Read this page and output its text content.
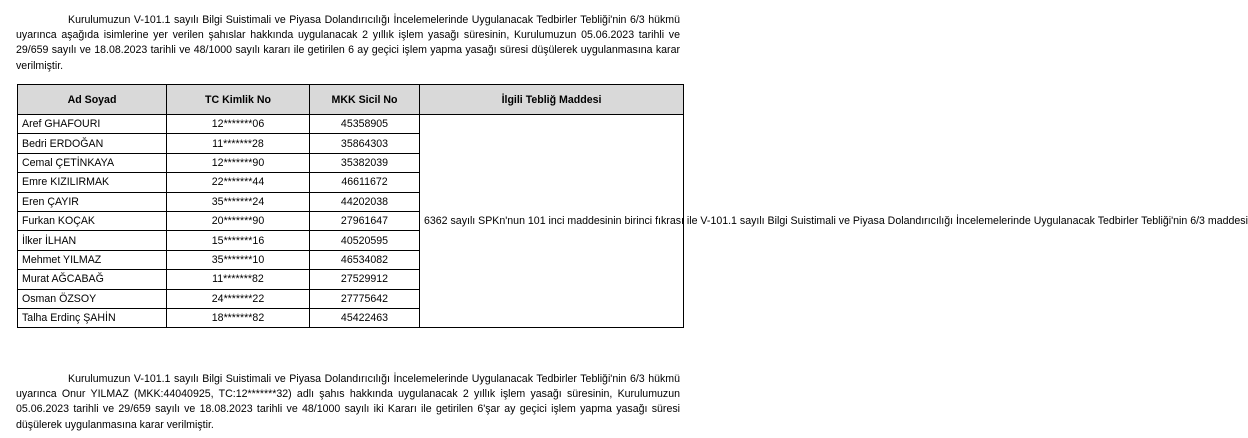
Kurulumuzun V-101.1 sayılı Bilgi Suistimali ve Piyasa Dolandırıcılığı İncelemelerinde Uygulanacak Tedbirler Tebliği'nin 6/3 hükmü uyarınca aşağıda isimlerine yer verilen şahıslar hakkında uygulanacak 2 yıllık işlem yasağı süresinin, Kurulumuzun 05.06.2023 tarihli ve 29/659 sayılı ve 18.08.2023 tarihli ve 48/1000 sayılı kararı ile getirilen 6 ay geçici işlem yapma yasağı süresi düşülerek uygulanmasına karar verilmiştir.

Ad Soyad	TC Kimlik No	MKK Sicil No	İlgili Tebliğ Maddesi
Aref GHAFOURI	12*******06	45358905	6362 sayılı SPKn'nun 101 inci maddesinin birinci fıkrası ile V-101.1 sayılı Bilgi Suistimali ve Piyasa Dolandırıcılığı İncelemelerinde Uygulanacak Tedbirler Tebliği'nin 6/3 maddesi
Bedri ERDOĞAN	11*******28	35864303	
Cemal ÇETİNKAYA	12*******90	35382039	
Emre KIZILIRMAK	22*******44	46611672	
Eren ÇAYIR	35*******24	44202038	
Furkan KOÇAK	20*******90	27961647	
İlker İLHAN	15*******16	40520595	
Mehmet YILMAZ	35*******10	46534082	
Murat AĞCABAĞ	11*******82	27529912	
Osman ÖZSOY	24*******22	27775642	
Talha Erdinç ŞAHİN	18*******82	45422463	

Kurulumuzun V-101.1 sayılı Bilgi Suistimali ve Piyasa Dolandırıcılığı İncelemelerinde Uygulanacak Tedbirler Tebliği'nin 6/3 hükmü uyarınca Onur YILMAZ (MKK:44040925, TC:12*******32) adlı şahıs hakkında uygulanacak 2 yıllık işlem yasağı süresinin, Kurulumuzun 05.06.2023 tarihli ve 29/659 sayılı ve 18.08.2023 tarihli ve 48/1000 sayılı iki Kararı ile getirilen 6'şar ay geçici işlem yapma yasağı süresi düşülerek uygulanmasına karar verilmiştir.
